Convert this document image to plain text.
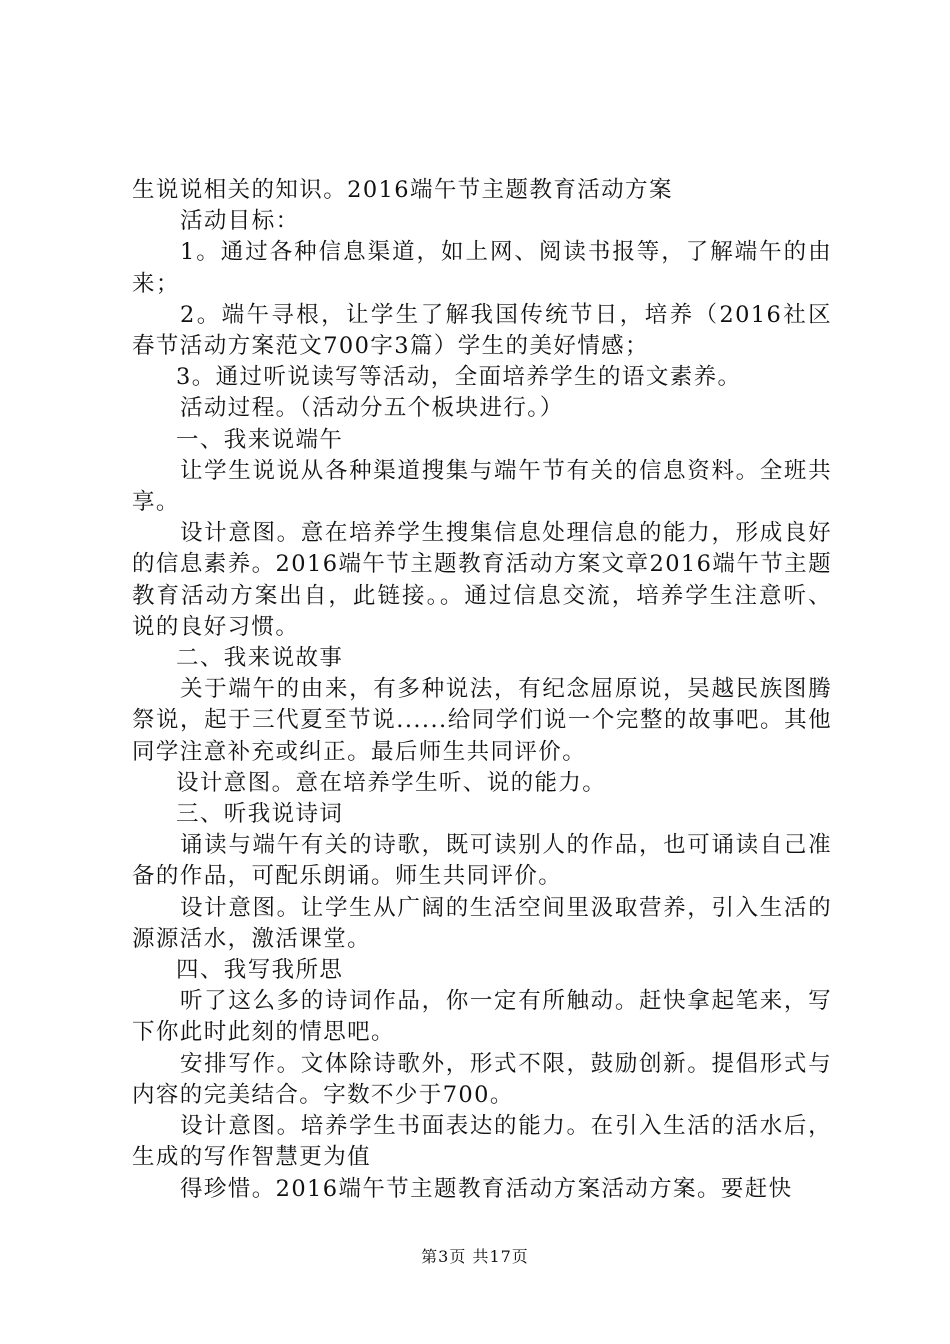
生说说相关的知识。2016端午节主题教育活动方案

活动目标：

1。通过各种信息渠道，如上网、阅读书报等，了解端午的由来；

2。端午寻根，让学生了解我国传统节日，培养（2016社区春节活动方案范文700字3篇）学生的美好情感；

3。通过听说读写等活动，全面培养学生的语文素养。

活动过程。（活动分五个板块进行。）

一、我来说端午

让学生说说从各种渠道搜集与端午节有关的信息资料。全班共享。

设计意图。意在培养学生搜集信息处理信息的能力，形成良好的信息素养。2016端午节主题教育活动方案文章2016端午节主题教育活动方案出自，此链接。。通过信息交流，培养学生注意听、说的良好习惯。

二、我来说故事

关于端午的由来，有多种说法，有纪念屈原说，吴越民族图腾祭说，起于三代夏至节说......给同学们说一个完整的故事吧。其他同学注意补充或纠正。最后师生共同评价。

设计意图。意在培养学生听、说的能力。

三、听我说诗词

诵读与端午有关的诗歌，既可读别人的作品，也可诵读自己准备的作品，可配乐朗诵。师生共同评价。

设计意图。让学生从广阔的生活空间里汲取营养，引入生活的源源活水，激活课堂。

四、我写我所思

听了这么多的诗词作品，你一定有所触动。赶快拿起笔来，写下你此时此刻的情思吧。

安排写作。文体除诗歌外，形式不限，鼓励创新。提倡形式与内容的完美结合。字数不少于700。

设计意图。培养学生书面表达的能力。在引入生活的活水后，生成的写作智慧更为值

得珍惜。2016端午节主题教育活动方案活动方案。要赶快

第3页 共17页
